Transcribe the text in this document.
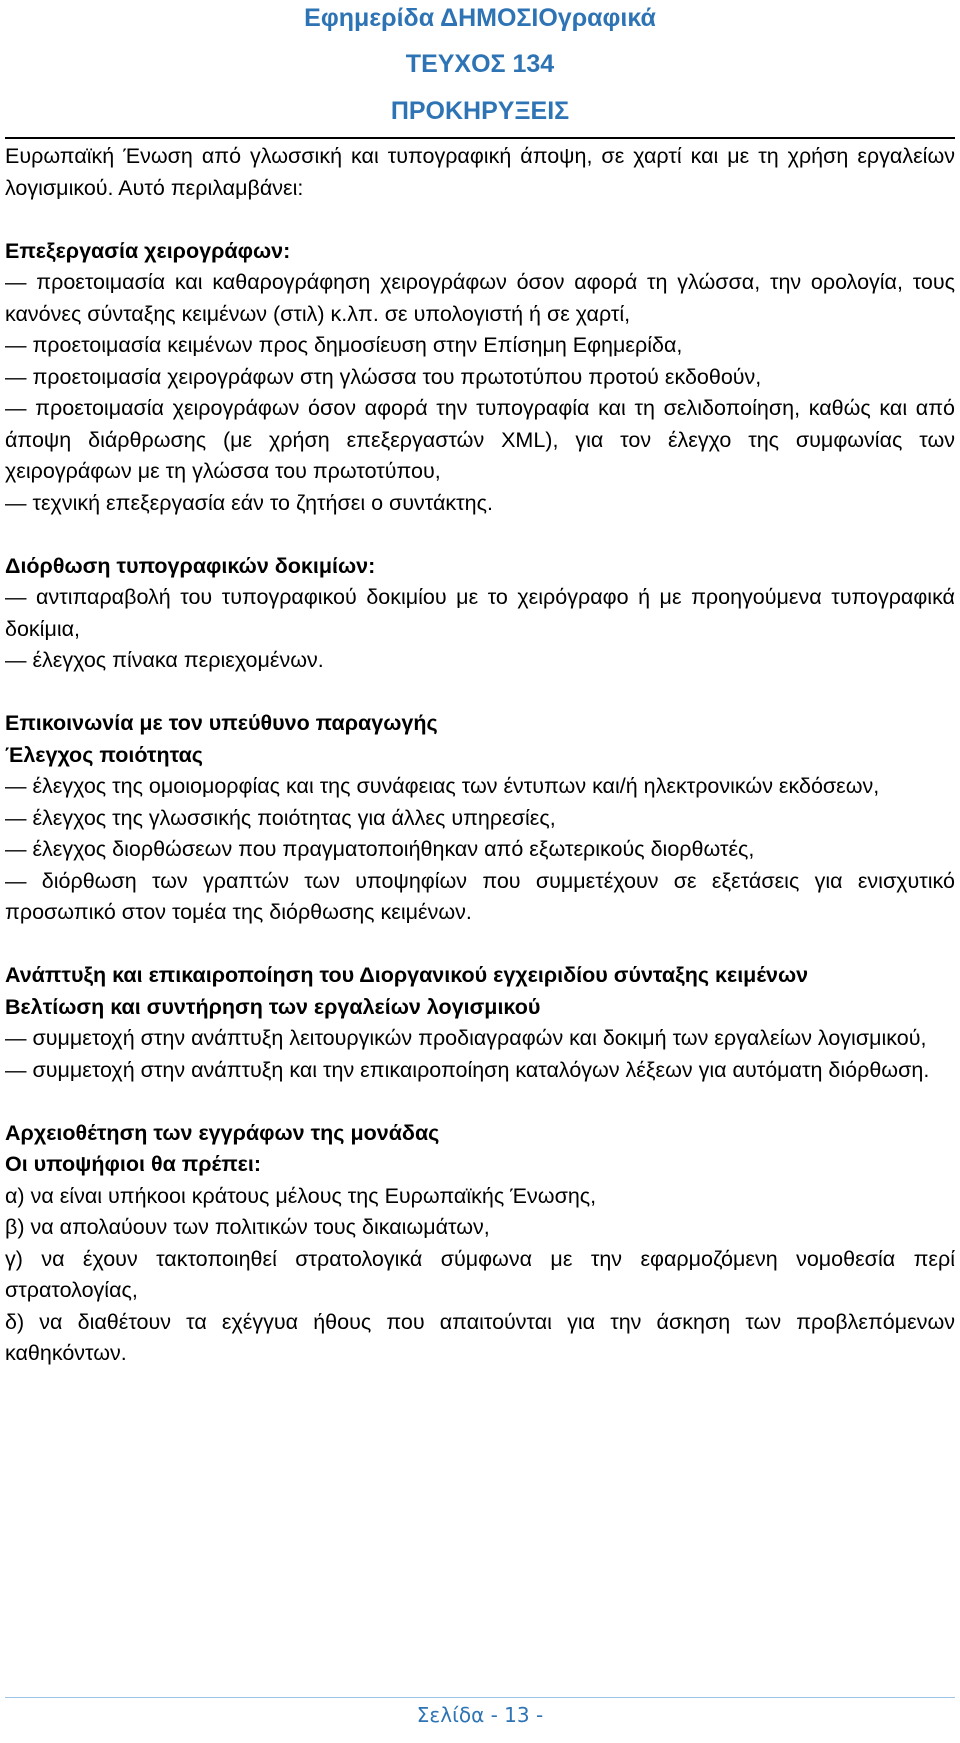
Εφημερίδα ΔΗΜΟΣΙΟγραφικά

ΤΕΥΧΟΣ 134

ΠΡΟΚΗΡΥΞΕΙΣ

Ευρωπαϊκή Ένωση από γλωσσική και τυπογραφική άποψη, σε χαρτί και με τη χρήση εργαλείων λογισμικού. Αυτό περιλαμβάνει:

Επεξεργασία χειρογράφων:

— προετοιμασία και καθαρογράφηση χειρογράφων όσον αφορά τη γλώσσα, την ορολογία, τους κανόνες σύνταξης κειμένων (στιλ) κ.λπ. σε υπολογιστή ή σε χαρτί,

— προετοιμασία κειμένων προς δημοσίευση στην Επίσημη Εφημερίδα,

— προετοιμασία χειρογράφων στη γλώσσα του πρωτοτύπου προτού εκδοθούν,

— προετοιμασία χειρογράφων όσον αφορά την τυπογραφία και τη σελιδοποίηση, καθώς και από άποψη διάρθρωσης (με χρήση επεξεργαστών XML), για τον έλεγχο της συμφωνίας των χειρογράφων με τη γλώσσα του πρωτοτύπου,

— τεχνική επεξεργασία εάν το ζητήσει ο συντάκτης.

Διόρθωση τυπογραφικών δοκιμίων:

— αντιπαραβολή του τυπογραφικού δοκιμίου με το χειρόγραφο ή με προηγούμενα τυπογραφικά δοκίμια,

— έλεγχος πίνακα περιεχομένων.

Επικοινωνία με τον υπεύθυνο παραγωγής

Έλεγχος ποιότητας

— έλεγχος της ομοιομορφίας και της συνάφειας των έντυπων και/ή ηλεκτρονικών εκδόσεων,

— έλεγχος της γλωσσικής ποιότητας για άλλες υπηρεσίες,

— έλεγχος διορθώσεων που πραγματοποιήθηκαν από εξωτερικούς διορθωτές,

— διόρθωση των γραπτών των υποψηφίων που συμμετέχουν σε εξετάσεις για ενισχυτικό προσωπικό στον τομέα της διόρθωσης κειμένων.

Ανάπτυξη και επικαιροποίηση του Διοργανικού εγχειριδίου σύνταξης κειμένων

Βελτίωση και συντήρηση των εργαλείων λογισμικού

— συμμετοχή στην ανάπτυξη λειτουργικών προδιαγραφών και δοκιμή των εργαλείων λογισμικού,

— συμμετοχή στην ανάπτυξη και την επικαιροποίηση καταλόγων λέξεων για αυτόματη διόρθωση.

Αρχειοθέτηση των εγγράφων της μονάδας

Οι υποψήφιοι θα πρέπει:

α) να είναι υπήκοοι κράτους μέλους της Ευρωπαϊκής Ένωσης,

β) να απολαύουν των πολιτικών τους δικαιωμάτων,

γ) να έχουν τακτοποιηθεί στρατολογικά σύμφωνα με την εφαρμοζόμενη νομοθεσία περί στρατολογίας,

δ) να διαθέτουν τα εχέγγυα ήθους που απαιτούνται για την άσκηση των προβλεπόμενων καθηκόντων.

Σελίδα - 13 -
